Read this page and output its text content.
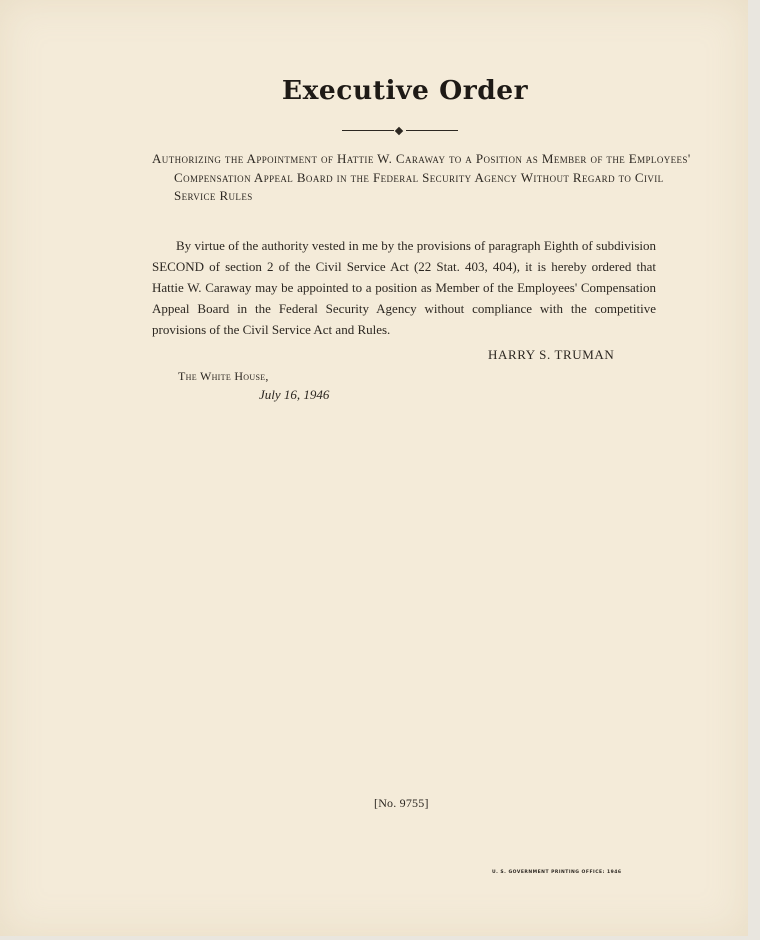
Executive Order
Authorizing the Appointment of Hattie W. Caraway to a Position as Member of the Employees' Compensation Appeal Board in the Federal Security Agency Without Regard to Civil Service Rules
By virtue of the authority vested in me by the provisions of paragraph Eighth of subdivision SECOND of section 2 of the Civil Service Act (22 Stat. 403, 404), it is hereby ordered that Hattie W. Caraway may be appointed to a position as Member of the Employees' Compensation Appeal Board in the Federal Security Agency without compliance with the competitive provisions of the Civil Service Act and Rules.
HARRY S. TRUMAN
The White House,
July 16, 1946
[No. 9755]
U. S. GOVERNMENT PRINTING OFFICE: 1946
